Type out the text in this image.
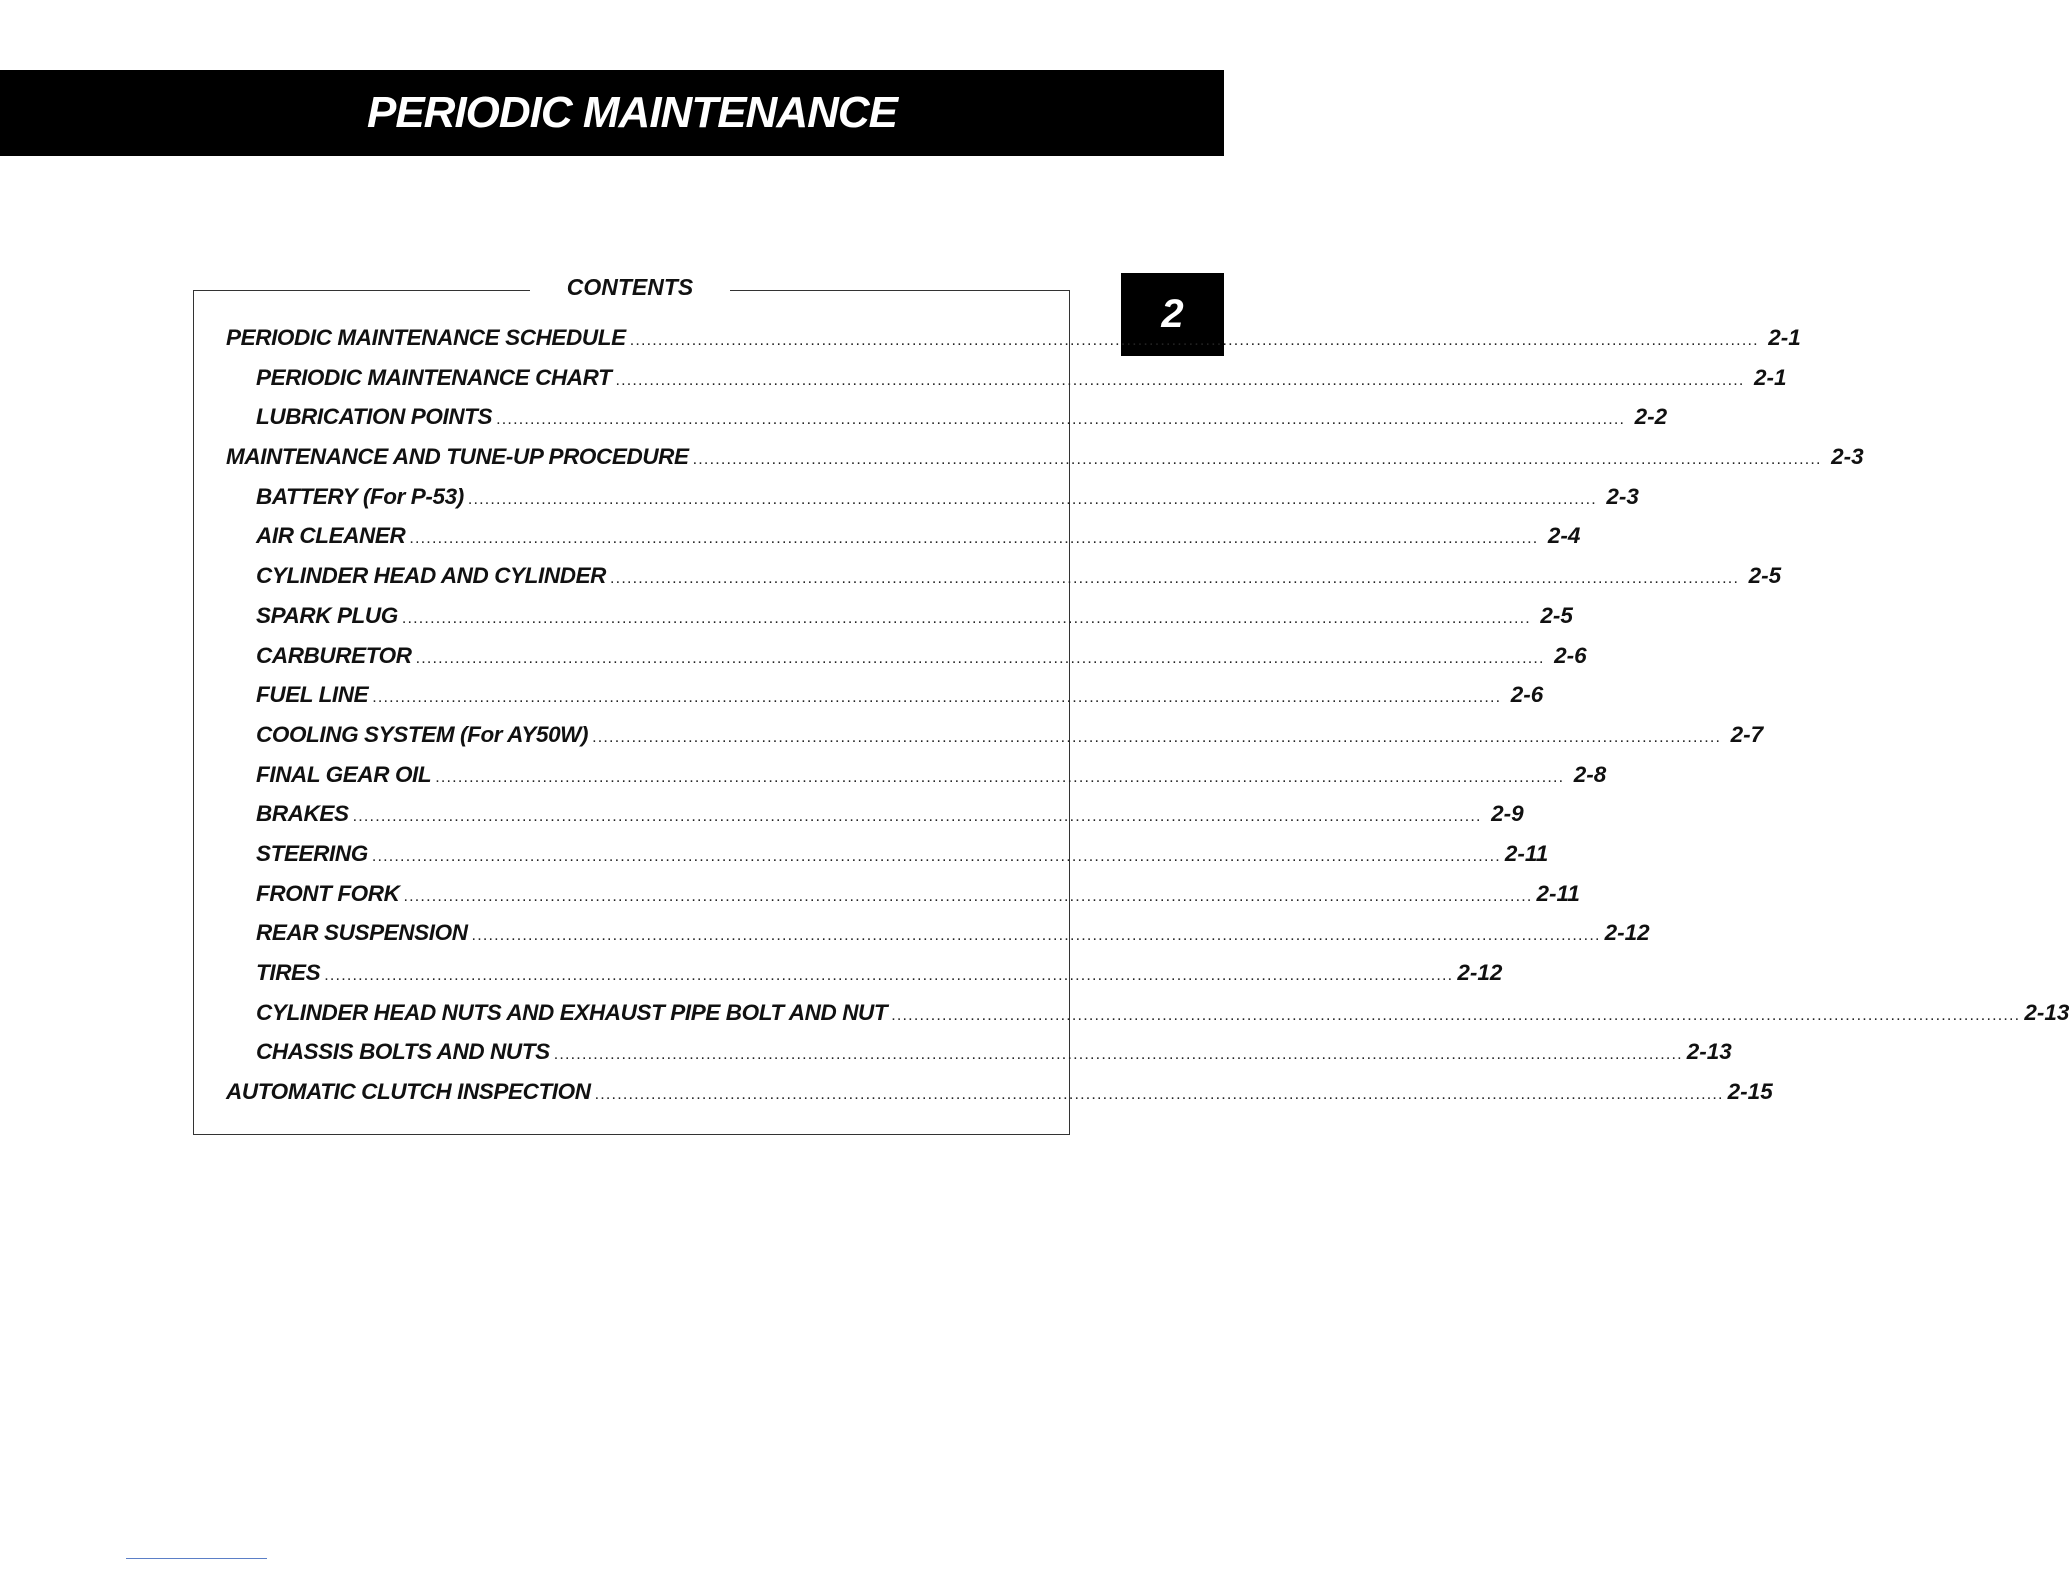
PERIODIC MAINTENANCE
2
CONTENTS
PERIODIC MAINTENANCE SCHEDULE ........................................................................................................................................................................................................ 2-1
PERIODIC MAINTENANCE CHART ........................................................................................................................................................................................................ 2-1
LUBRICATION POINTS ........................................................................................................................................................................................................ 2-2
MAINTENANCE AND TUNE-UP PROCEDURE ........................................................................................................................................................................................................ 2-3
BATTERY (For P-53) ........................................................................................................................................................................................................ 2-3
AIR CLEANER ........................................................................................................................................................................................................ 2-4
CYLINDER HEAD AND CYLINDER ........................................................................................................................................................................................................ 2-5
SPARK PLUG ........................................................................................................................................................................................................ 2-5
CARBURETOR ........................................................................................................................................................................................................ 2-6
FUEL LINE ........................................................................................................................................................................................................ 2-6
COOLING SYSTEM (For AY50W) ........................................................................................................................................................................................................ 2-7
FINAL GEAR OIL ........................................................................................................................................................................................................ 2-8
BRAKES ........................................................................................................................................................................................................ 2-9
STEERING ........................................................................................................................................................................................................ 2-11
FRONT FORK ........................................................................................................................................................................................................ 2-11
REAR SUSPENSION ........................................................................................................................................................................................................ 2-12
TIRES ........................................................................................................................................................................................................ 2-12
CYLINDER HEAD NUTS AND EXHAUST PIPE BOLT AND NUT ........................................................................................................................................................................................................ 2-13
CHASSIS BOLTS AND NUTS ........................................................................................................................................................................................................ 2-13
AUTOMATIC CLUTCH INSPECTION ........................................................................................................................................................................................................ 2-15
